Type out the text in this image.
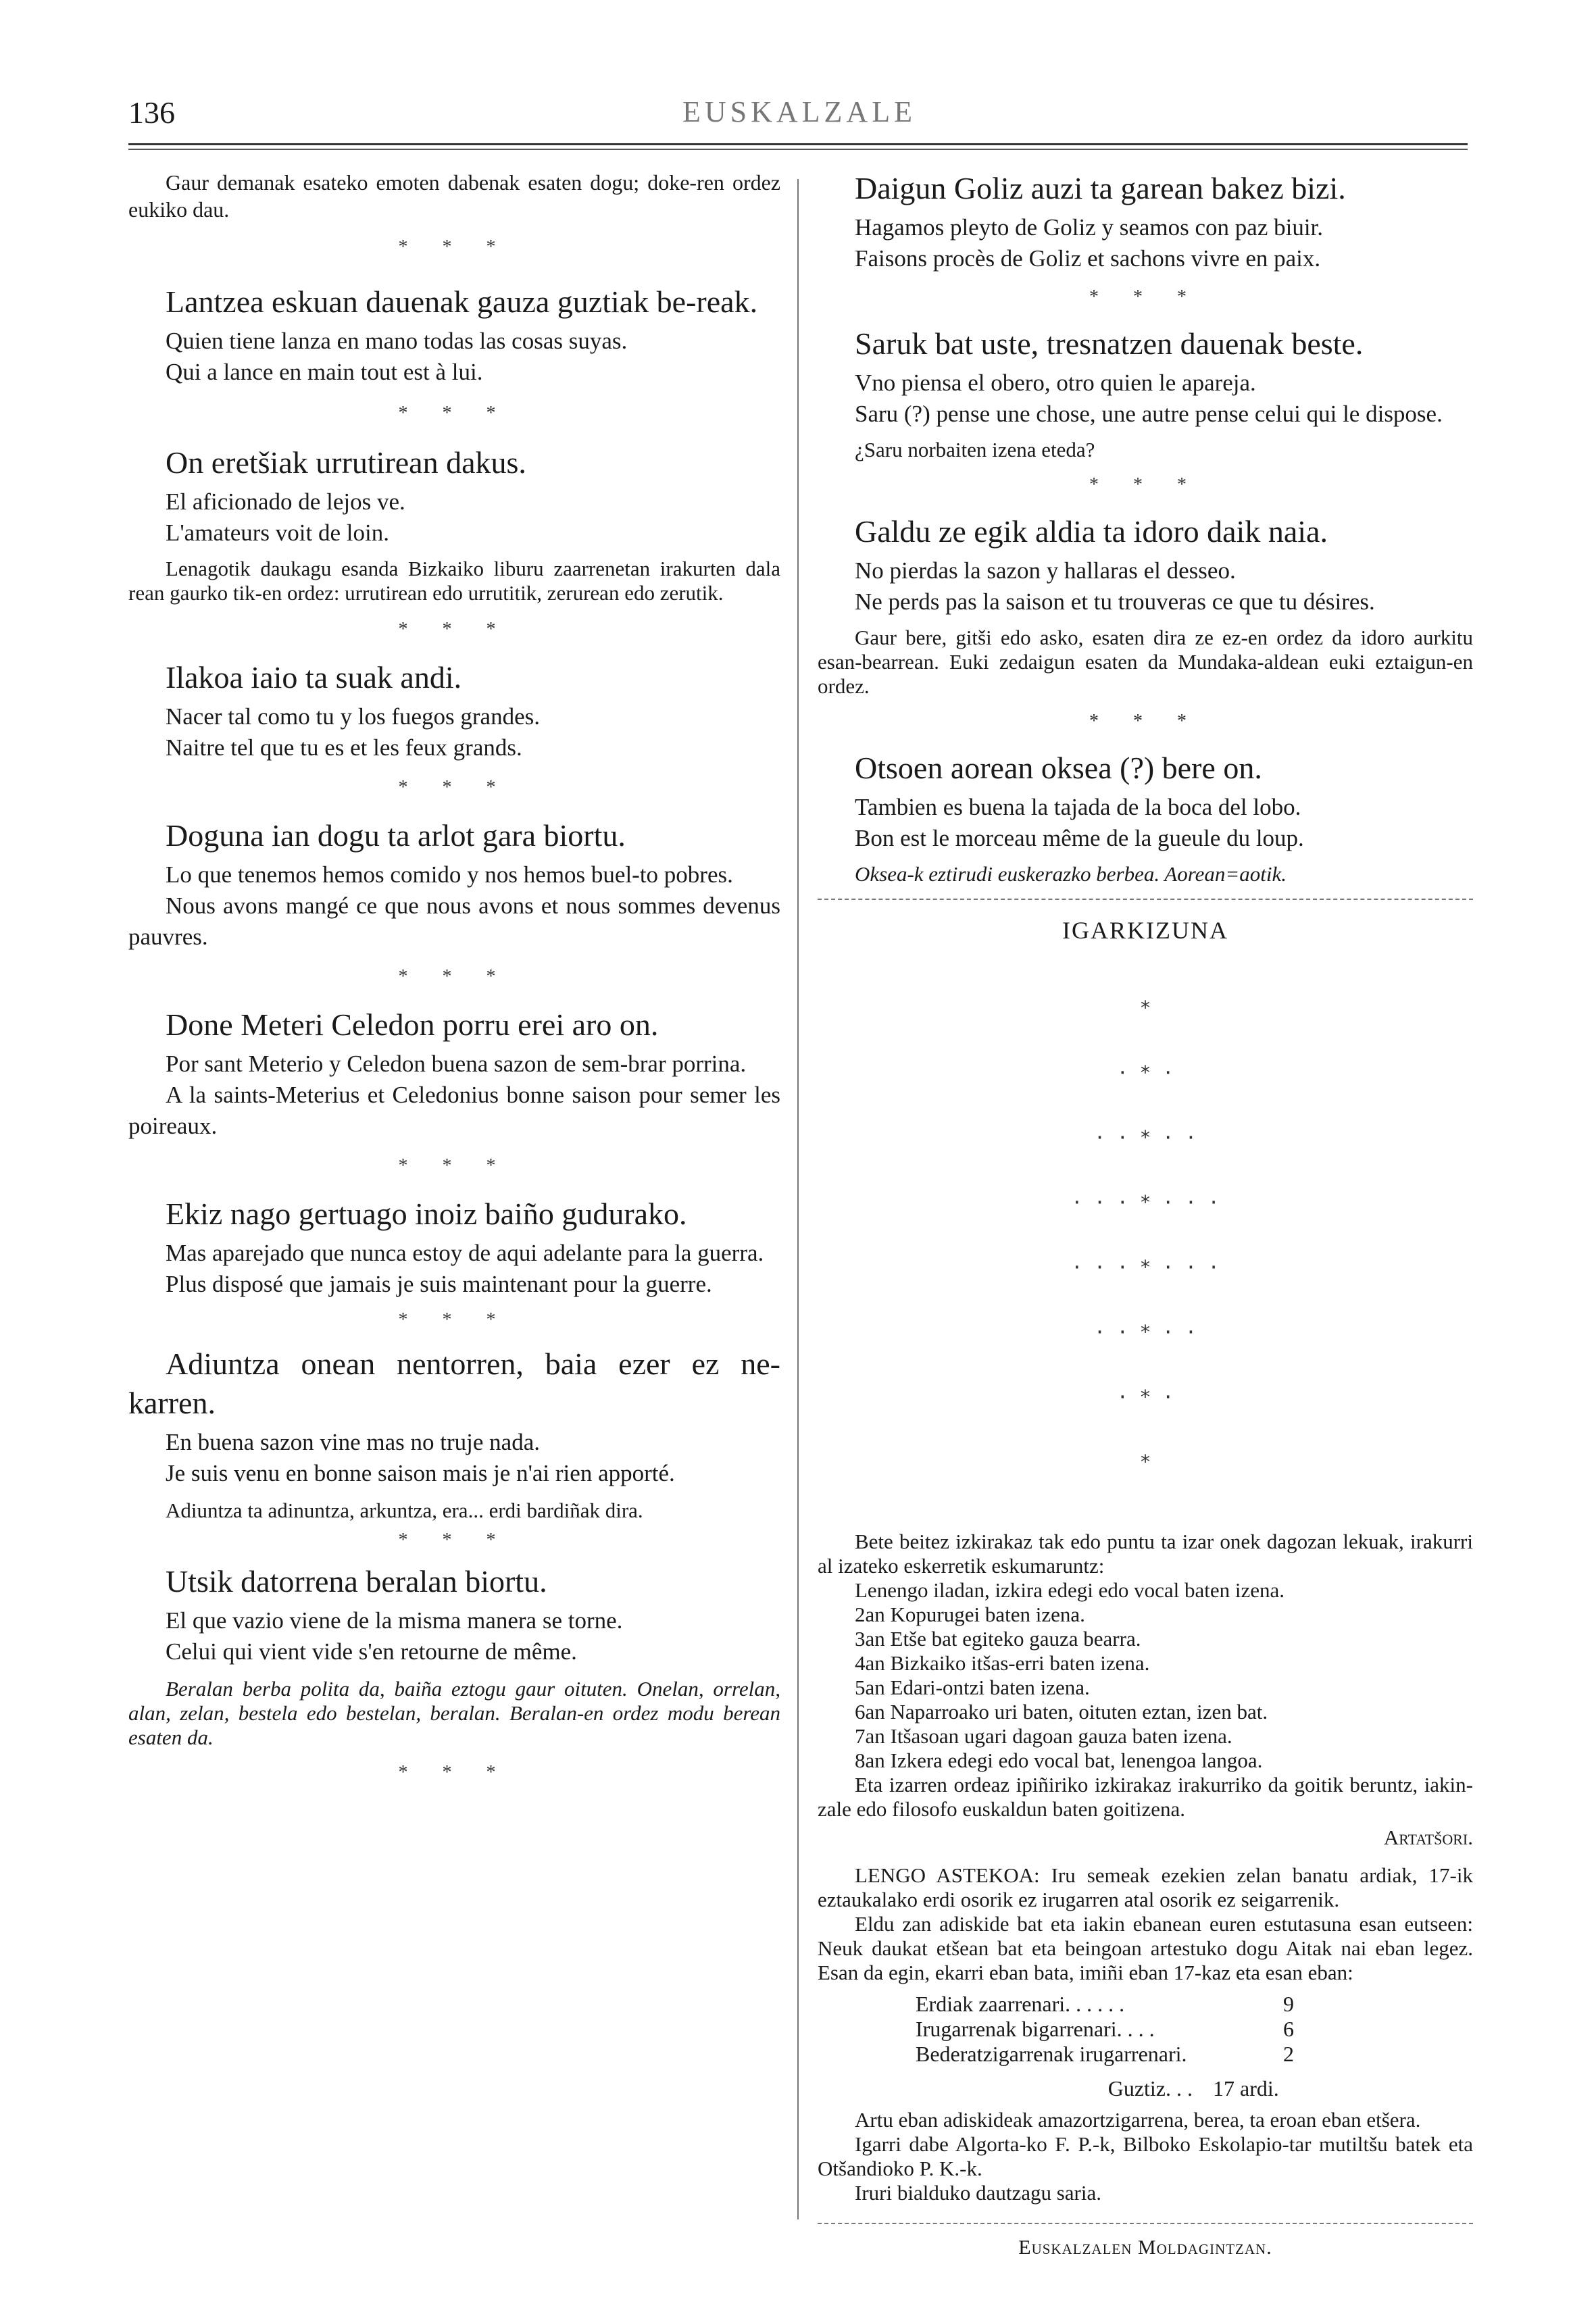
136	EUSKALZALE

Gaur demanak esateko emoten dabenak esaten dogu; doke-ren ordez eukiko dau.

* * *

Lantzea eskuan dauenak gauza guztiak be-reak.

Quien tiene lanza en mano todas las cosas suyas.

Qui a lance en main tout est à lui.

* * *

On eretšiak urrutirean dakus.

El aficionado de lejos ve.

L'amateurs voit de loin.

Lenagotik daukagu esanda Bizkaiko liburu zaarrenetan irakurten dala rean gaurko tik-en ordez: urrutirean edo urrutitik, zerurean edo zerutik.

* * *

Ilakoa iaio ta suak andi.

Nacer tal como tu y los fuegos grandes.

Naitre tel que tu es et les feux grands.

* * *

Doguna ian dogu ta arlot gara biortu.

Lo que tenemos hemos comido y nos hemos buel-to pobres.

Nous avons mangé ce que nous avons et nous sommes devenus pauvres.

* * *

Done Meteri Celedon porru erei aro on.

Por sant Meterio y Celedon buena sazon de sem-brar porrina.

A la saints-Meterius et Celedonius bonne saison pour semer les poireaux.

* * *

Ekiz nago gertuago inoiz baiño gudurako.

Mas aparejado que nunca estoy de aqui adelante para la guerra.

Plus disposé que jamais je suis maintenant pour la guerre.

* * *

Adiuntza onean nentorren, baia ezer ez ne-karren.

En buena sazon vine mas no truje nada.

Je suis venu en bonne saison mais je n'ai rien apporté.

Adiuntza ta adinuntza, arkuntza, era... erdi bardiñak dira.

* * *

Utsik datorrena beralan biortu.

El que vazio viene de la misma manera se torne.

Celui qui vient vide s'en retourne de même.

Beralan berba polita da, baiña eztogu gaur oituten. Onelan, orrelan, alan, zelan, bestela edo bestelan, beralan. Beralan-en ordez modu berean esaten da.

* * *

Daigun Goliz auzi ta garean bakez bizi.

Hagamos pleyto de Goliz y seamos con paz biuir.

Faisons procès de Goliz et sachons vivre en paix.

* * *

Saruk bat uste, tresnatzen dauenak beste.

Vno piensa el obero, otro quien le apareja.

Saru (?) pense une chose, une autre pense celui qui le dispose.

¿Saru norbaiten izena eteda?

* * *

Galdu ze egik aldia ta idoro daik naia.

No pierdas la sazon y hallaras el desseo.

Ne perds pas la saison et tu trouveras ce que tu désires.

Gaur bere, gitši edo asko, esaten dira ze ez-en ordez da idoro aurkitu esan-bearrean. Euki zedaigun esaten da Mundaka-aldean euki eztaigun-en ordez.

* * *

Otsoen aorean oksea (?) bere on.

Tambien es buena la tajada de la boca del lobo.

Bon est le morceau même de la gueule du loup.

Oksea-k eztirudi euskerazko berbea. Aorean=aotik.

IGARKIZUNA

*

· * ·

· · * · ·

· · · * · · ·

· · · * · · ·

· · * · ·

· * ·

*

Bete beitez izkirakaz tak edo puntu ta izar onek dagozan lekuak, irakurri al izateko eskerretik eskumaruntz:

Lenengo iladan, izkira edegi edo vocal baten izena.
2an Kopurugei baten izena.
3an Etše bat egiteko gauza bearra.
4an Bizkaiko itšas-erri baten izena.
5an Edari-ontzi baten izena.
6an Naparroako uri baten, oituten eztan, izen bat.
7an Itšasoan ugari dagoan gauza baten izena.
8an Izkera edegi edo vocal bat, lenengoa langoa.

Eta izarren ordeaz ipiñiriko izkirakaz irakurriko da goitik beruntz, iakin-zale edo filosofo euskaldun baten goitizena.

Artatšori.

LENGO ASTEKOA: Iru semeak ezekien zelan banatu ardiak, 17-ik eztaukalako erdi osorik ez irugarren atal osorik ez seigarrenik.

Eldu zan adiskide bat eta iakin ebanean euren estutasuna esan eutseen: Neuk daukat etšean bat eta beingoan artestuko dogu Aitak nai eban legez. Esan da egin, ekarri eban bata, imiñi eban 17-kaz eta esan eban:

Erdiak zaarrenari. . . . . .	9
Irugarrenak bigarrenari. . . .	6
Bederatzigarrenak irugarrenari.	2
Guztiz. . . 17 ardi.

Artu eban adiskideak amazortzigarrena, berea, ta eroan eban etšera.

Igarri dabe Algorta-ko F. P.-k, Bilboko Eskolapio-tar mutiltšu batek eta Otšandioko P. K.-k.

Iruri bialduko dautzagu saria.

Euskalzalen Moldagintzan.
